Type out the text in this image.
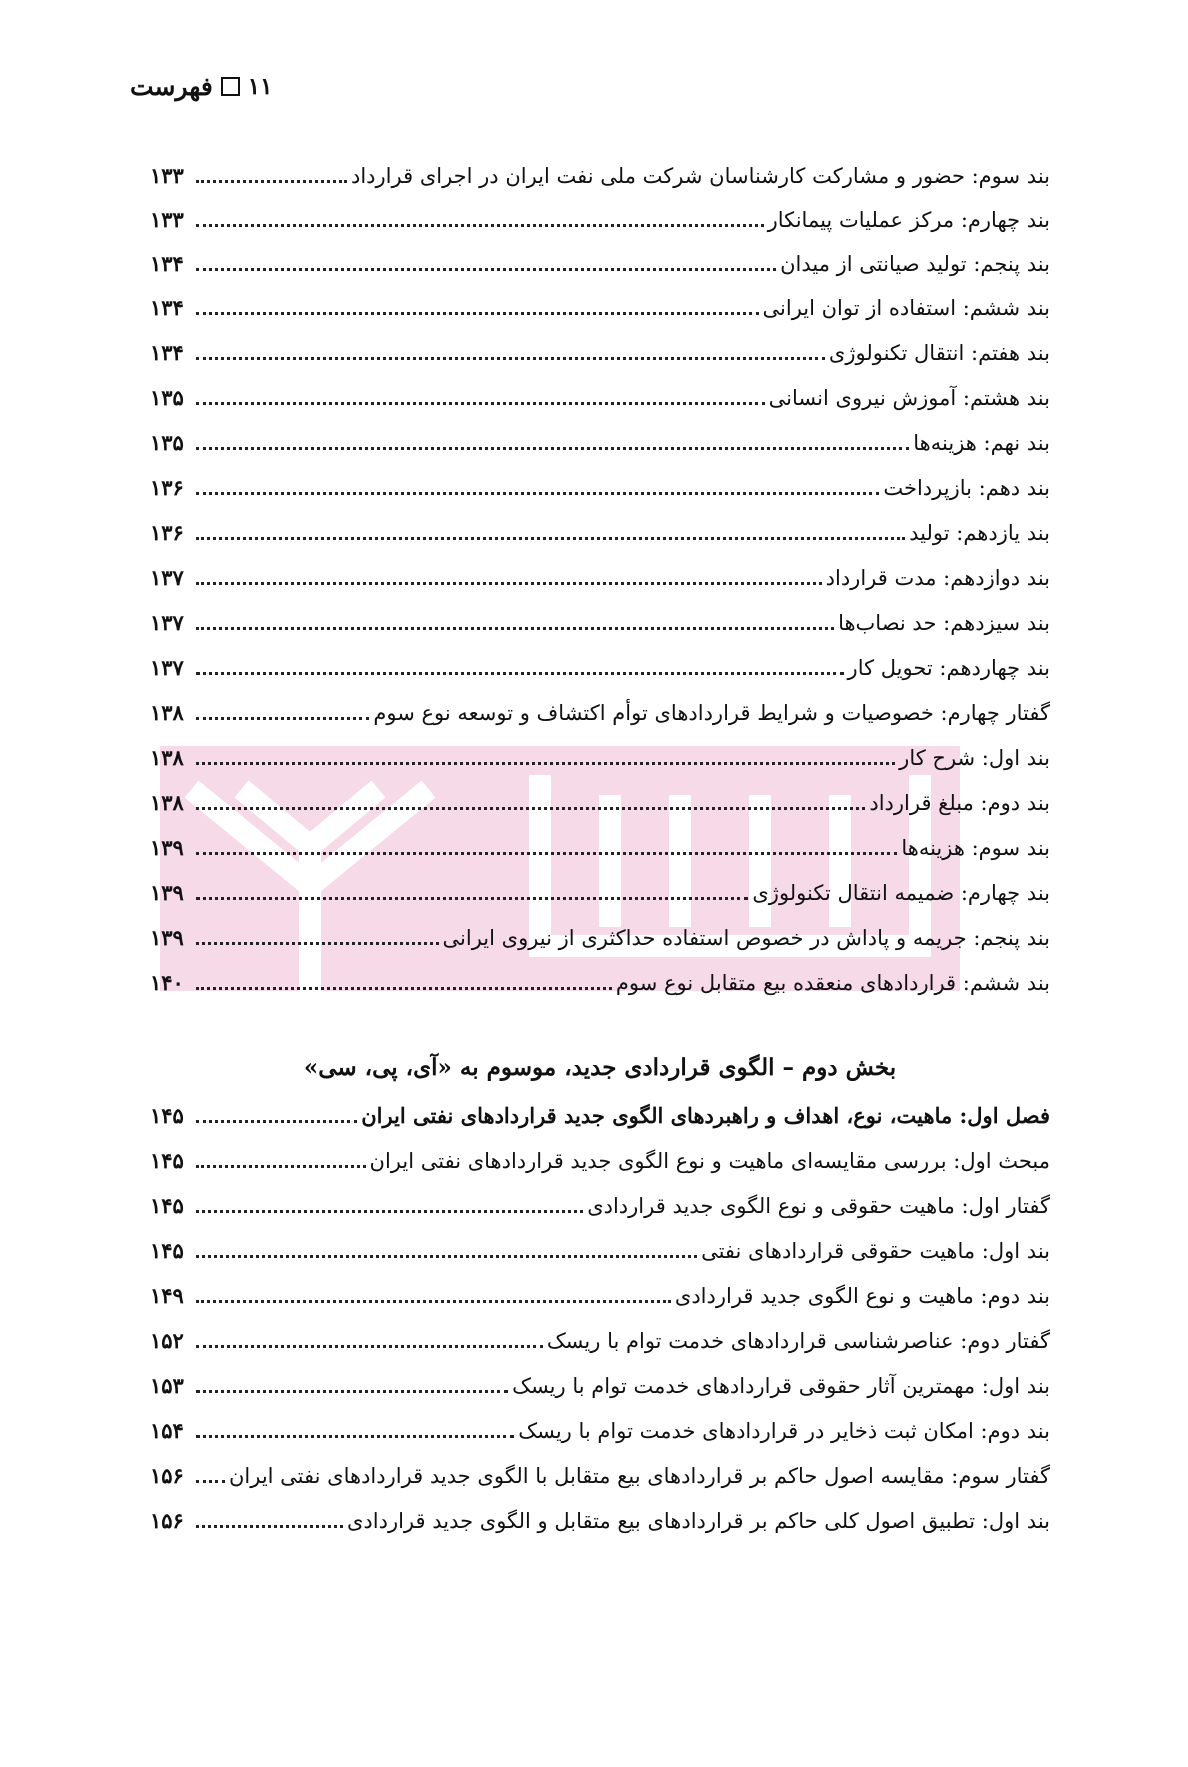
۱۱
فهرست
بند سوم: حضور و مشارکت کارشناسان شرکت ملی نفت ایران در اجرای قرارداد
۱۳۳
بند چهارم: مرکز عملیات پیمانکار
۱۳۳
بند پنجم: تولید صیانتی از میدان
۱۳۴
بند ششم: استفاده از توان ایرانی
۱۳۴
بند هفتم: انتقال تکنولوژی
۱۳۴
بند هشتم: آموزش نیروی انسانی
۱۳۵
بند نهم: هزینه‌ها
۱۳۵
بند دهم: بازپرداخت
۱۳۶
بند یازدهم: تولید
۱۳۶
بند دوازدهم: مدت قرارداد
۱۳۷
بند سیزدهم: حد نصاب‌ها
۱۳۷
بند چهاردهم: تحویل کار
۱۳۷
گفتار چهارم: خصوصیات و شرایط قراردادهای توأم اکتشاف و توسعه نوع سوم
۱۳۸
بند اول: شرح کار
۱۳۸
بند دوم: مبلغ قرارداد
۱۳۸
بند سوم: هزینه‌ها
۱۳۹
بند چهارم: ضمیمه انتقال تکنولوژی
۱۳۹
بند پنجم: جریمه و پاداش در خصوص استفاده حداکثری از نیروی ایرانی
۱۳۹
بند ششم: قراردادهای منعقده بیع متقابل نوع سوم
۱۴۰
بخش دوم – الگوی قراردادی جدید، موسوم به «آی، پی، سی»
فصل اول: ماهیت، نوع، اهداف و راهبردهای الگوی جدید قراردادهای نفتی ایران
۱۴۵
مبحث اول: بررسی مقایسه‌ای ماهیت و نوع الگوی جدید قراردادهای نفتی ایران
۱۴۵
گفتار اول: ماهیت حقوقی و نوع الگوی جدید قراردادی
۱۴۵
بند اول: ماهیت حقوقی قراردادهای نفتی
۱۴۵
بند دوم: ماهیت و نوع الگوی جدید قراردادی
۱۴۹
گفتار دوم: عناصرشناسی قراردادهای خدمت توام با ریسک
۱۵۲
بند اول: مهمترین آثار حقوقی قراردادهای خدمت توام با ریسک
۱۵۳
بند دوم: امکان ثبت ذخایر در قراردادهای خدمت توام با ریسک
۱۵۴
گفتار سوم: مقایسه اصول حاکم بر قراردادهای بیع متقابل با الگوی جدید قراردادهای نفتی ایران
۱۵۶
بند اول: تطبیق اصول کلی حاکم بر قراردادهای بیع متقابل و الگوی جدید قراردادی
۱۵۶
